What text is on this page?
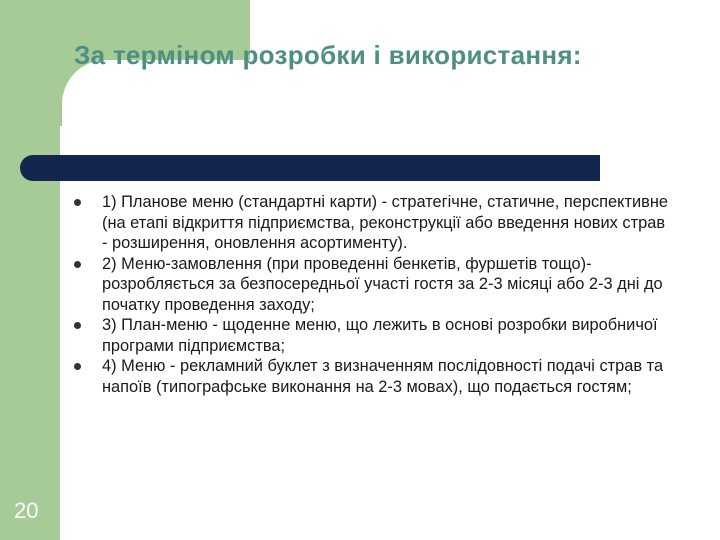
За терміном розробки і використання:
1) Планове меню (стандартні карти) - стратегічне, статичне, перспективне (на етапі відкриття підприємства, реконструкції або введення нових страв - розширення, оновлення асортименту).
2) Меню-замовлення (при проведенні бенкетів, фуршетів тощо)- розробляється за безпосередньої участі гостя за 2-3 місяці або 2-3 дні до початку проведення заходу;
3) План-меню - щоденне меню, що лежить в основі розробки виробничої програми підприємства;
4) Меню - рекламний буклет з визначенням послідовності подачі страв та напоїв (типографське виконання на 2-3 мовах), що подається гостям;
20
